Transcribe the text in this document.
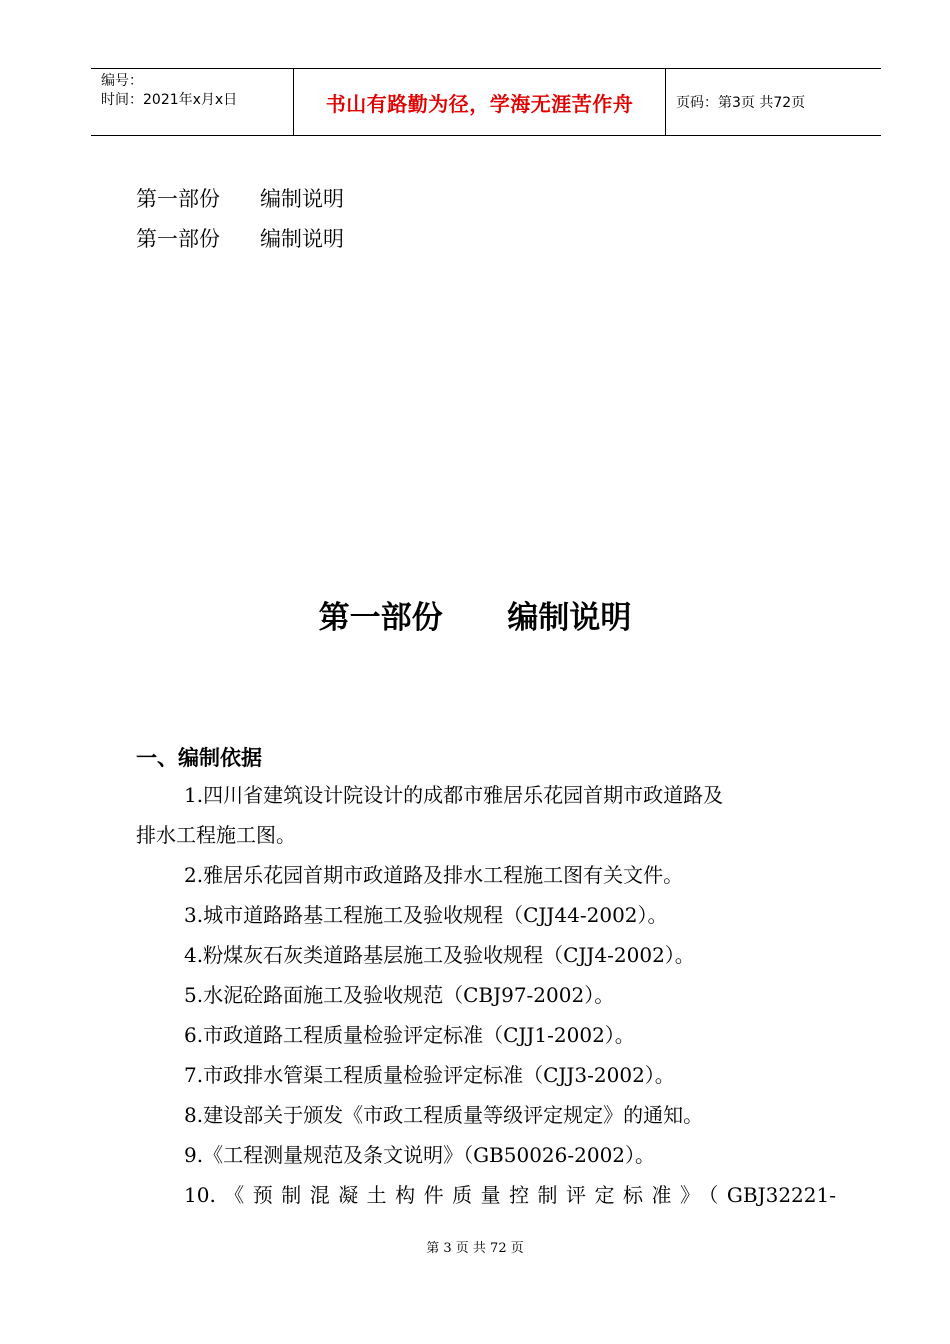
编号：
时间：2021年x月x日	书山有路勤为径，学海无涯苦作舟	页码：第3页 共72页
第一部份      编制说明
第一部份      编制说明
第一部份      编制说明
一、编制依据
1.四川省建筑设计院设计的成都市雅居乐花园首期市政道路及
排水工程施工图。
2.雅居乐花园首期市政道路及排水工程施工图有关文件。
3.城市道路路基工程施工及验收规程（CJJ44-2002）。
4.粉煤灰石灰类道路基层施工及验收规程（CJJ4-2002）。
5.水泥砼路面施工及验收规范（CBJ97-2002）。
6.市政道路工程质量检验评定标准（CJJ1-2002）。
7.市政排水管渠工程质量检验评定标准（CJJ3-2002）。
8.建设部关于颁发《市政工程质量等级评定规定》的通知。
9.《工程测量规范及条文说明》（GB50026-2002）。
10.《预制混凝土构件质量控制评定标准》（GBJ32221-
第 3 页 共 72 页
